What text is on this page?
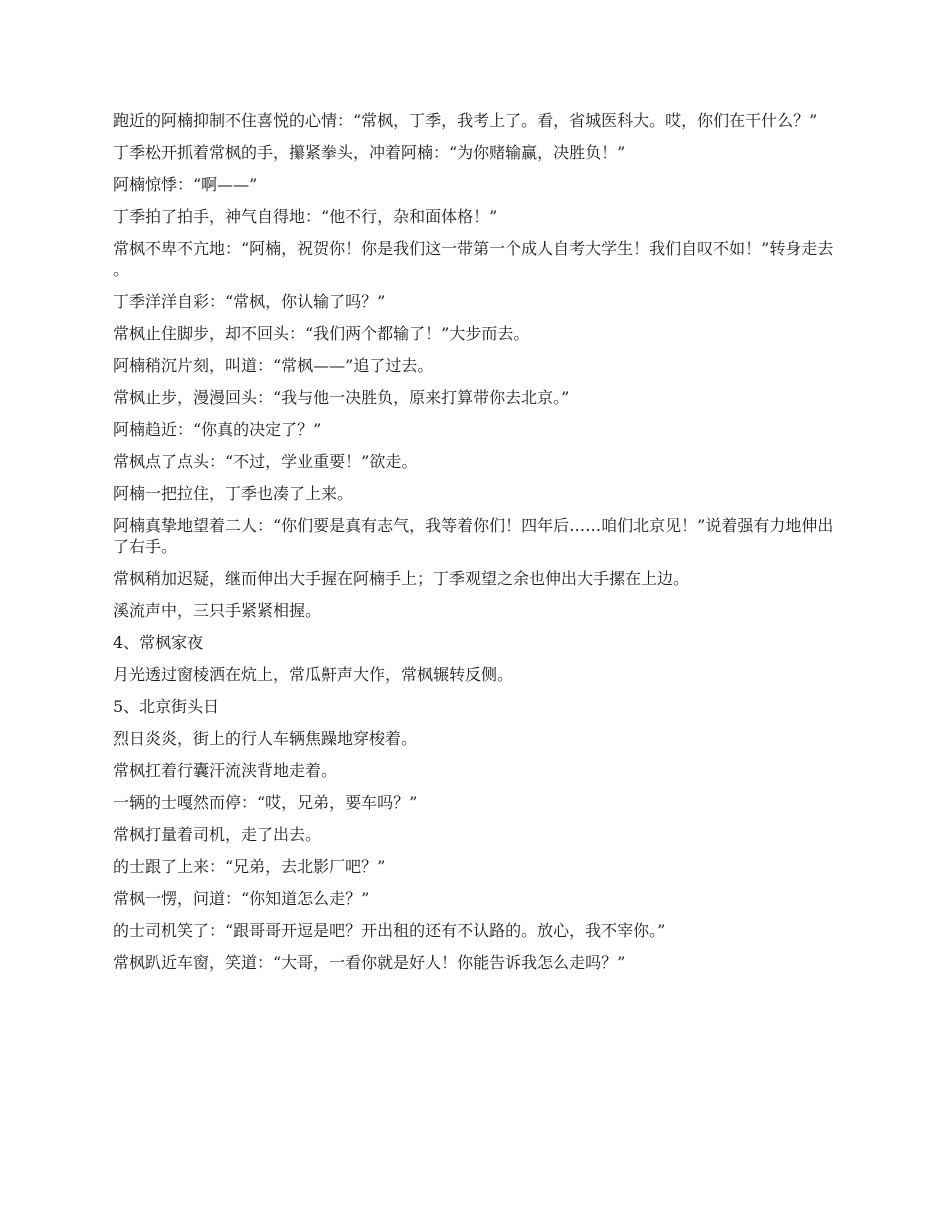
跑近的阿楠抑制不住喜悦的心情：“常枫，丁季，我考上了。看，省城医科大。哎，你们在干什么？”

丁季松开抓着常枫的手，攥紧拳头，冲着阿楠：“为你赌输赢，决胜负！”

阿楠惊悸：“啊——”

丁季拍了拍手，神气自得地：“他不行，杂和面体格！”

常枫不卑不亢地：“阿楠，祝贺你！你是我们这一带第一个成人自考大学生！我们自叹不如！”转身走去。

丁季洋洋自彩：“常枫，你认输了吗？”

常枫止住脚步，却不回头：“我们两个都输了！”大步而去。

阿楠稍沉片刻，叫道：“常枫——”追了过去。

常枫止步，漫漫回头：“我与他一决胜负，原来打算带你去北京。”

阿楠趋近：“你真的决定了？”

常枫点了点头：“不过，学业重要！”欲走。

阿楠一把拉住，丁季也凑了上来。

阿楠真挚地望着二人：“你们要是真有志气，我等着你们！四年后……咱们北京见！”说着强有力地伸出了右手。

常枫稍加迟疑，继而伸出大手握在阿楠手上；丁季观望之余也伸出大手摞在上边。

溪流声中，三只手紧紧相握。

4、常枫家夜

月光透过窗棱洒在炕上，常瓜鼾声大作，常枫辗转反侧。

5、北京街头日

烈日炎炎，街上的行人车辆焦躁地穿梭着。

常枫扛着行囊汗流浃背地走着。

一辆的士嘎然而停：“哎，兄弟，要车吗？”

常枫打量着司机，走了出去。

的士跟了上来：“兄弟，去北影厂吧？”

常枫一愣，问道：“你知道怎么走？”

的士司机笑了：“跟哥哥开逗是吧？开出租的还有不认路的。放心，我不宰你。”

常枫趴近车窗，笑道：“大哥，一看你就是好人！你能告诉我怎么走吗？”
